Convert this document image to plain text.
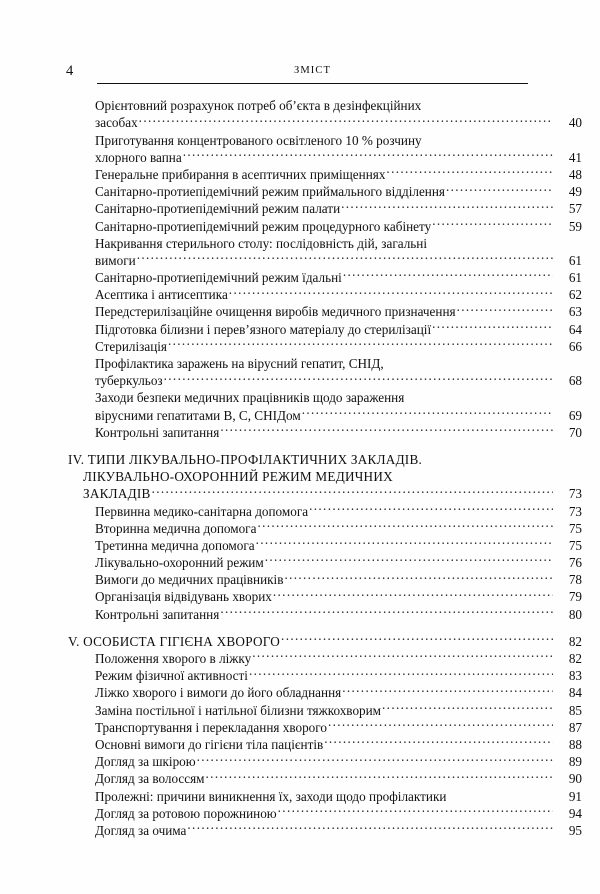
4	ЗМІСТ
Орієнтовний розрахунок потреб об’єкта в дезінфекційних
засобах .....	40
Приготування концентрованого освітленого 10 % розчину
хлорного вапна .....	41
Генеральне прибирання в асептичних приміщеннях .....	48
Санітарно-протиепідемічний режим приймального відділення .....	49
Санітарно-протиепідемічний режим палати .....	57
Санітарно-протиепідемічний режим процедурного кабінету .....	59
Накривання стерильного столу: послідовність дій, загальні
вимоги .....	61
Санітарно-протиепідемічний режим їдальні .....	61
Асептика і антисептика .....	62
Передстерилізаційне очищення виробів медичного призначення .....	63
Підготовка білизни і перев’язного матеріалу до стерилізації .....	64
Стерилізація .....	66
Профілактика заражень на вірусний гепатит, СНІД,
туберкульоз .....	68
Заходи безпеки медичних працівників щодо зараження
вірусними гепатитами В, С, СНІДом .....	69
Контрольні запитання .....	70
IV. ТИПИ ЛІКУВАЛЬНО-ПРОФІЛАКТИЧНИХ ЗАКЛАДІВ.
ЛІКУВАЛЬНО-ОХОРОННИЙ РЕЖИМ МЕДИЧНИХ
ЗАКЛАДІВ .....	73
Первинна медико-санітарна допомога .....	73
Вторинна медична допомога .....	75
Третинна медична допомога .....	75
Лікувально-охоронний режим .....	76
Вимоги до медичних працівників .....	78
Організація відвідувань хворих .....	79
Контрольні запитання .....	80
V. ОСОБИСТА ГІГІЄНА ХВОРОГО .....	82
Положення хворого в ліжку .....	82
Режим фізичної активності .....	83
Ліжко хворого і вимоги до його обладнання .....	84
Заміна постільної і натільної білизни тяжкохворим .....	85
Транспортування і перекладання хворого .....	87
Основні вимоги до гігієни тіла пацієнтів .....	88
Догляд за шкірою .....	89
Догляд за волоссям .....	90
Пролежні: причини виникнення їх, заходи щодо профілактики	91
Догляд за ротовою порожниною .....	94
Догляд за очима .....	95
